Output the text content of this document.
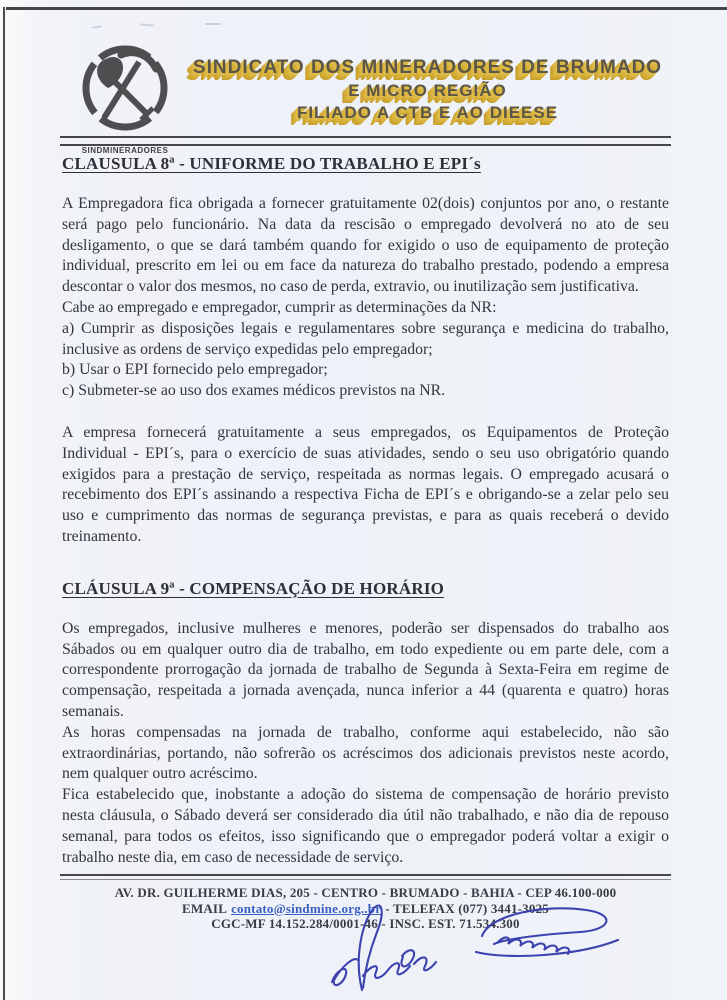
SINDMINERADORES
SINDICATO DOS MINERADORES DE BRUMADO
E MICRO REGIÃO
FILIADO A CTB E AO DIEESE
CLAUSULA 8ª - UNIFORME DO TRABALHO E EPI´s

A Empregadora fica obrigada a fornecer gratuitamente 02(dois) conjuntos por ano, o restante será pago pelo funcionário. Na data da rescisão o empregado devolverá no ato de seu desligamento, o que se dará também quando for exigido o uso de equipamento de proteção individual, prescrito em lei ou em face da natureza do trabalho prestado, podendo a empresa descontar o valor dos mesmos, no caso de perda, extravio, ou inutilização sem justificativa.

Cabe ao empregado e empregador, cumprir as determinações da NR:

a) Cumprir as disposições legais e regulamentares sobre segurança e medicina do trabalho, inclusive as ordens de serviço expedidas pelo empregador;

b) Usar o EPI fornecido pelo empregador;

c) Submeter-se ao uso dos exames médicos previstos na NR.

A empresa fornecerá gratuitamente a seus empregados, os Equipamentos de Proteção Individual - EPI´s, para o exercício de suas atividades, sendo o seu uso obrigatório quando exigidos para a prestação de serviço, respeitada as normas legais. O empregado acusará o recebimento dos EPI´s assinando a respectiva Ficha de EPI´s e obrigando-se a zelar pelo seu uso e cumprimento das normas de segurança previstas, e para as quais receberá o devido treinamento.

CLÁUSULA 9ª - COMPENSAÇÃO DE HORÁRIO

Os empregados, inclusive mulheres e menores, poderão ser dispensados do trabalho aos Sábados ou em qualquer outro dia de trabalho, em todo expediente ou em parte dele, com a correspondente prorrogação da jornada de trabalho de Segunda à Sexta-Feira em regime de compensação, respeitada a jornada avençada, nunca inferior a 44 (quarenta e quatro) horas semanais.

As horas compensadas na jornada de trabalho, conforme aqui estabelecido, não são extraordinárias, portando, não sofrerão os acréscimos dos adicionais previstos neste acordo, nem qualquer outro acréscimo.

Fica estabelecido que, inobstante a adoção do sistema de compensação de horário previsto nesta cláusula, o Sábado deverá ser considerado dia útil não trabalhado, e não dia de repouso semanal, para todos os efeitos, isso significando que o empregador poderá voltar a exigir o trabalho neste dia, em caso de necessidade de serviço.

AV. DR. GUILHERME DIAS, 205 - CENTRO - BRUMADO - BAHIA - CEP 46.100-000
EMAIL contato@sindmine.org..br - TELEFAX (077) 3441-3025
CGC-MF 14.152.284/0001-46 - INSC. EST. 71.534.300
